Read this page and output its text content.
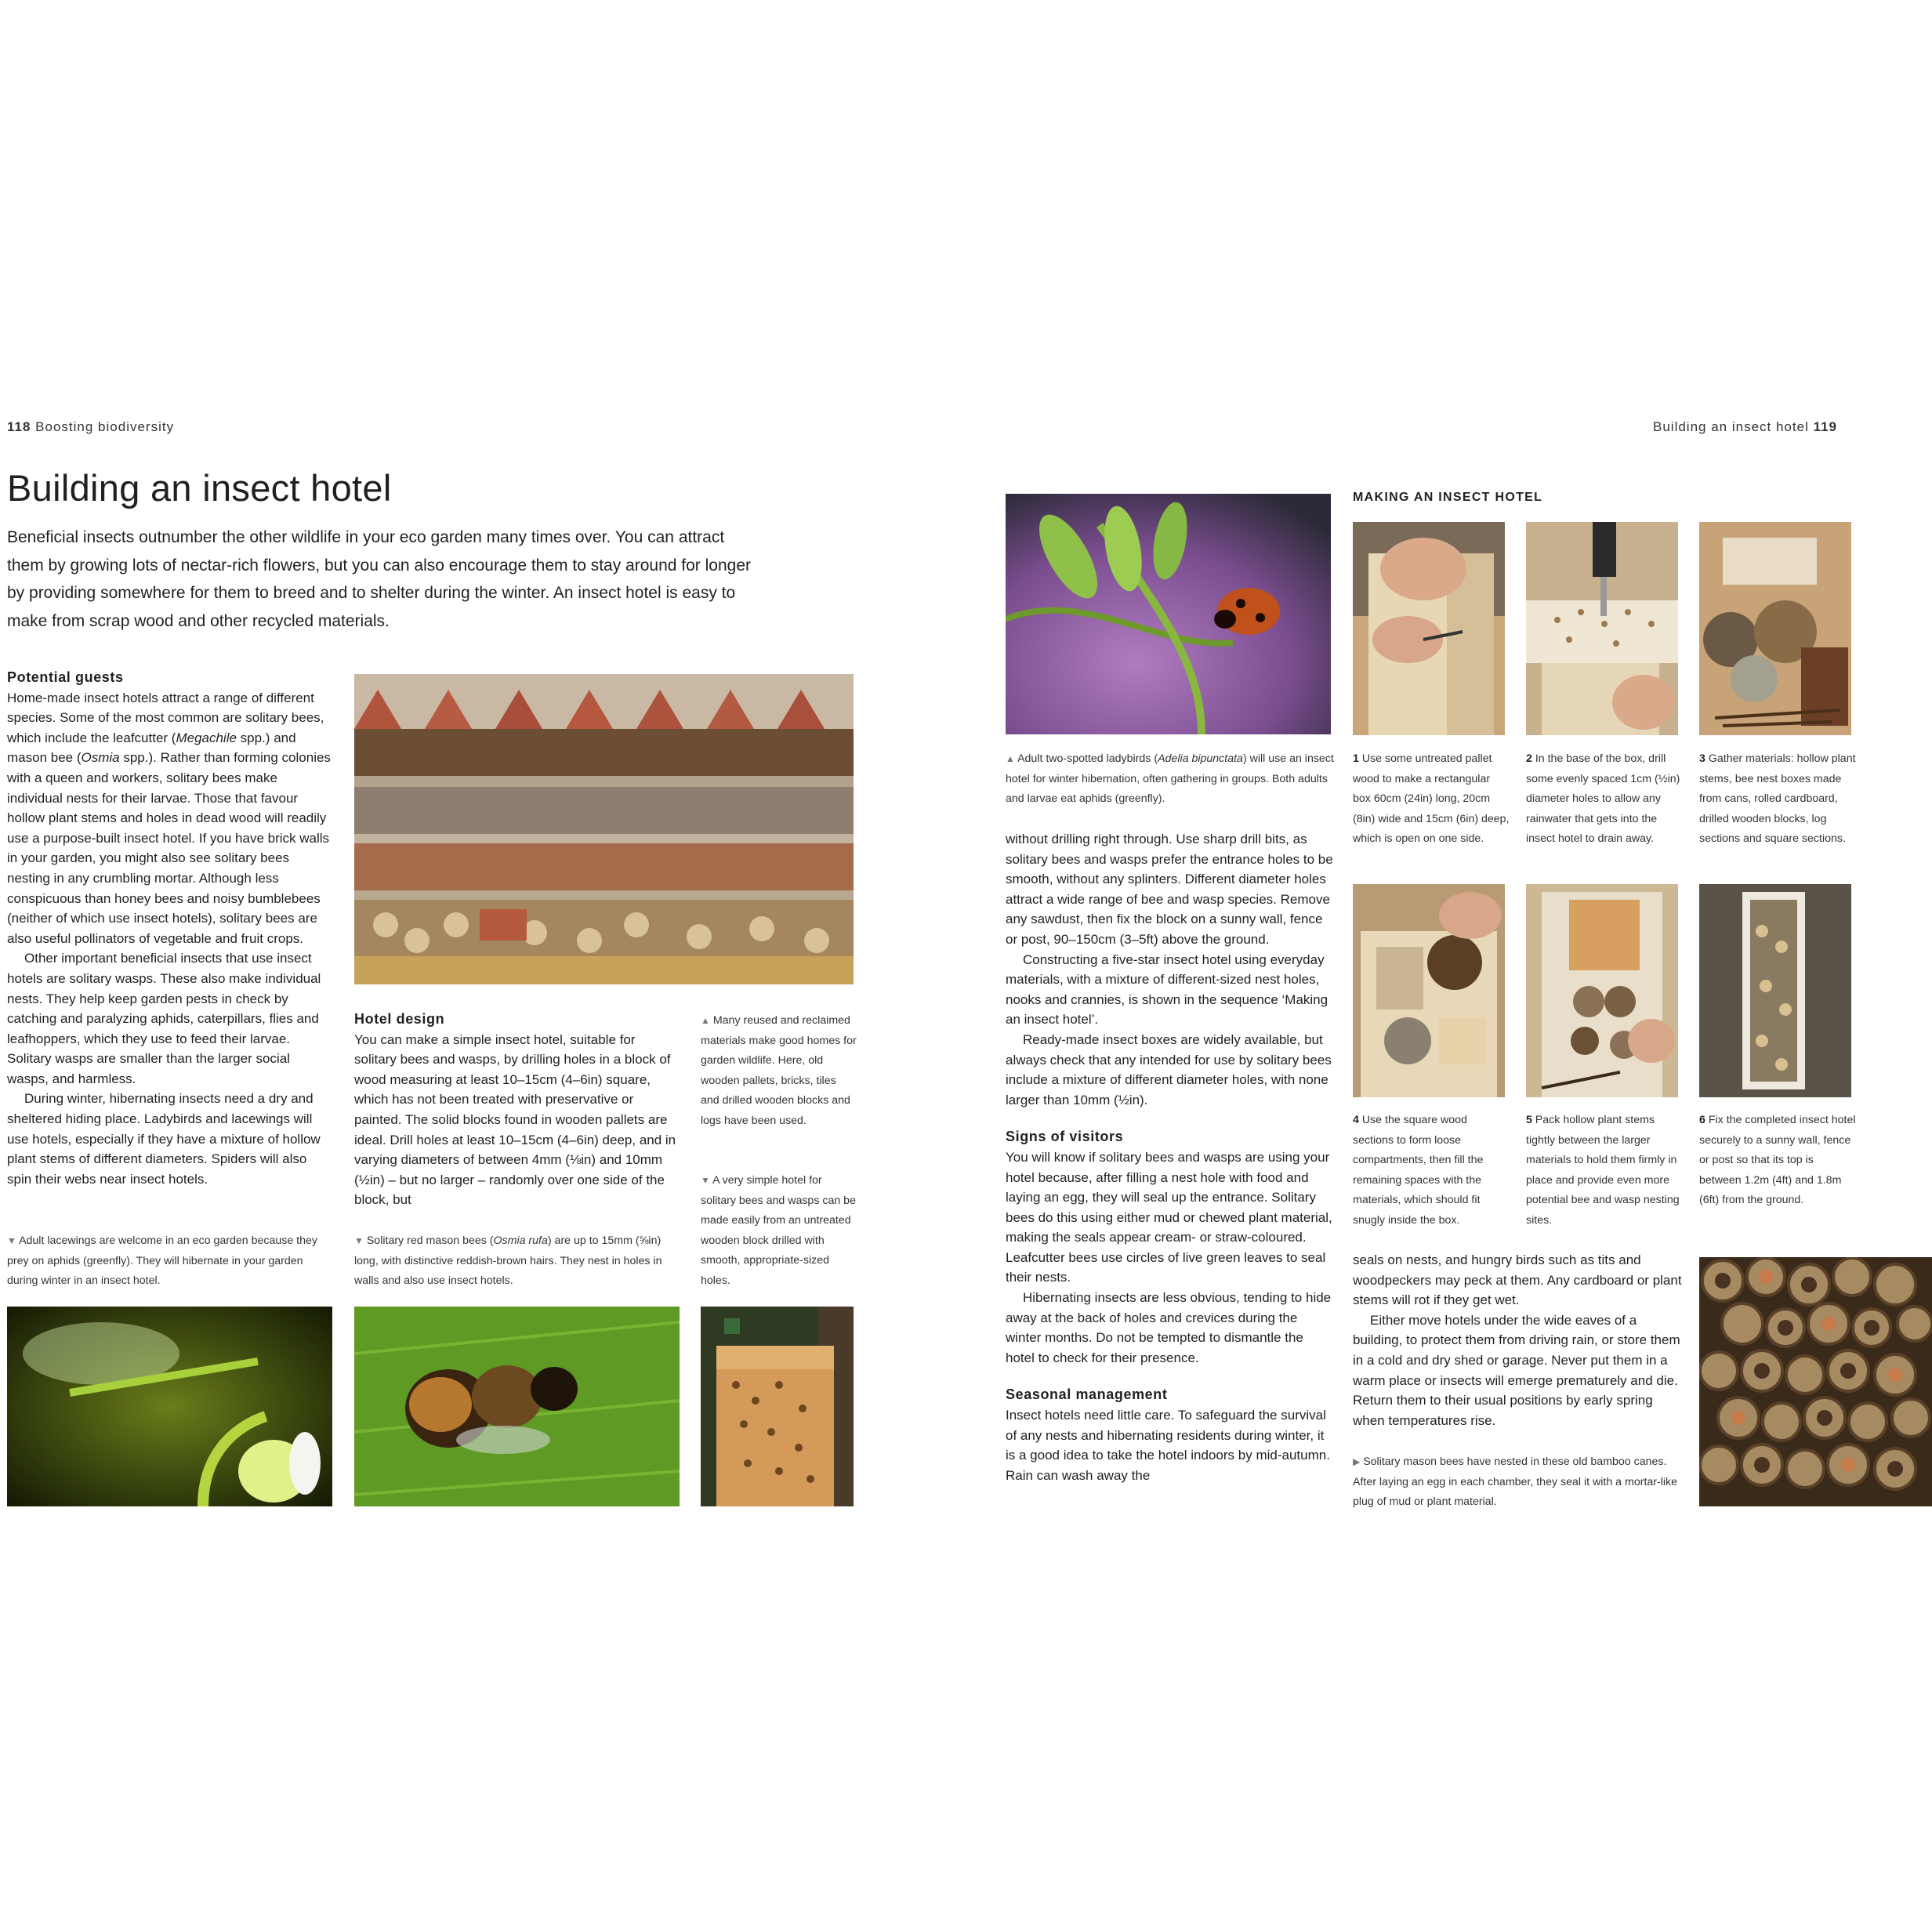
118 Boosting biodiversity
Building an insect hotel

Beneficial insects outnumber the other wildlife in your eco garden many times over. You can attract them by growing lots of nectar-rich flowers, but you can also encourage them to stay around for longer by providing somewhere for them to breed and to shelter during the winter. An insect hotel is easy to make from scrap wood and other recycled materials.

Potential guests

Home-made insect hotels attract a range of different species. Some of the most common are solitary bees, which include the leafcutter (Megachile spp.) and mason bee (Osmia spp.). Rather than forming colonies with a queen and workers, solitary bees make individual nests for their larvae. Those that favour hollow plant stems and holes in dead wood will readily use a purpose-built insect hotel. If you have brick walls in your garden, you might also see solitary bees nesting in any crumbling mortar. Although less conspicuous than honey bees and noisy bumblebees (neither of which use insect hotels), solitary bees are also useful pollinators of vegetable and fruit crops.

Other important beneficial insects that use insect hotels are solitary wasps. These also make individual nests. They help keep garden pests in check by catching and paralyzing aphids, caterpillars, flies and leafhoppers, which they use to feed their larvae. Solitary wasps are smaller than the larger social wasps, and harmless.

During winter, hibernating insects need a dry and sheltered hiding place. Ladybirds and lacewings will use hotels, especially if they have a mixture of hollow plant stems of different diameters. Spiders will also spin their webs near insect hotels.

Hotel design

You can make a simple insect hotel, suitable for solitary bees and wasps, by drilling holes in a block of wood measuring at least 10–15cm (4–6in) square, which has not been treated with preservative or painted. The solid blocks found in wooden pallets are ideal. Drill holes at least 10–15cm (4–6in) deep, and in varying diameters of between 4mm (⅛in) and 10mm (½in) – but no larger – randomly over one side of the block, but

▲ Many reused and reclaimed materials make good homes for garden wildlife. Here, old wooden pallets, bricks, tiles and drilled wooden blocks and logs have been used.

▼ A very simple hotel for solitary bees and wasps can be made easily from an untreated wooden block drilled with smooth, appropriate-sized holes.

▼ Adult lacewings are welcome in an eco garden because they prey on aphids (greenfly). They will hibernate in your garden during winter in an insect hotel.

▼ Solitary red mason bees (Osmia rufa) are up to 15mm (⅝in) long, with distinctive reddish-brown hairs. They nest in holes in walls and also use insect hotels.

Building an insect hotel 119

▲ Adult two-spotted ladybirds (Adelia bipunctata) will use an insect hotel for winter hibernation, often gathering in groups. Both adults and larvae eat aphids (greenfly).

without drilling right through. Use sharp drill bits, as solitary bees and wasps prefer the entrance holes to be smooth, without any splinters. Different diameter holes attract a wide range of bee and wasp species. Remove any sawdust, then fix the block on a sunny wall, fence or post, 90–150cm (3–5ft) above the ground.

Constructing a five-star insect hotel using everyday materials, with a mixture of different-sized nest holes, nooks and crannies, is shown in the sequence ‘Making an insect hotel’.

Ready-made insect boxes are widely available, but always check that any intended for use by solitary bees include a mixture of different diameter holes, with none larger than 10mm (½in).

Signs of visitors

You will know if solitary bees and wasps are using your hotel because, after filling a nest hole with food and laying an egg, they will seal up the entrance. Solitary bees do this using either mud or chewed plant material, making the seals appear cream- or straw-coloured. Leafcutter bees use circles of live green leaves to seal their nests.

Hibernating insects are less obvious, tending to hide away at the back of holes and crevices during the winter months. Do not be tempted to dismantle the hotel to check for their presence.

Seasonal management

Insect hotels need little care. To safeguard the survival of any nests and hibernating residents during winter, it is a good idea to take the hotel indoors by mid-autumn. Rain can wash away the

MAKING AN INSECT HOTEL

1 Use some untreated pallet wood to make a rectangular box 60cm (24in) long, 20cm (8in) wide and 15cm (6in) deep, which is open on one side.

2 In the base of the box, drill some evenly spaced 1cm (½in) diameter holes to allow any rainwater that gets into the insect hotel to drain away.

3 Gather materials: hollow plant stems, bee nest boxes made from cans, rolled cardboard, drilled wooden blocks, log sections and square sections.

4 Use the square wood sections to form loose compartments, then fill the remaining spaces with the materials, which should fit snugly inside the box.

5 Pack hollow plant stems tightly between the larger materials to hold them firmly in place and provide even more potential bee and wasp nesting sites.

6 Fix the completed insect hotel securely to a sunny wall, fence or post so that its top is between 1.2m (4ft) and 1.8m (6ft) from the ground.

seals on nests, and hungry birds such as tits and woodpeckers may peck at them. Any cardboard or plant stems will rot if they get wet.

Either move hotels under the wide eaves of a building, to protect them from driving rain, or store them in a cold and dry shed or garage. Never put them in a warm place or insects will emerge prematurely and die. Return them to their usual positions by early spring when temperatures rise.

▶ Solitary mason bees have nested in these old bamboo canes. After laying an egg in each chamber, they seal it with a mortar-like plug of mud or plant material.
